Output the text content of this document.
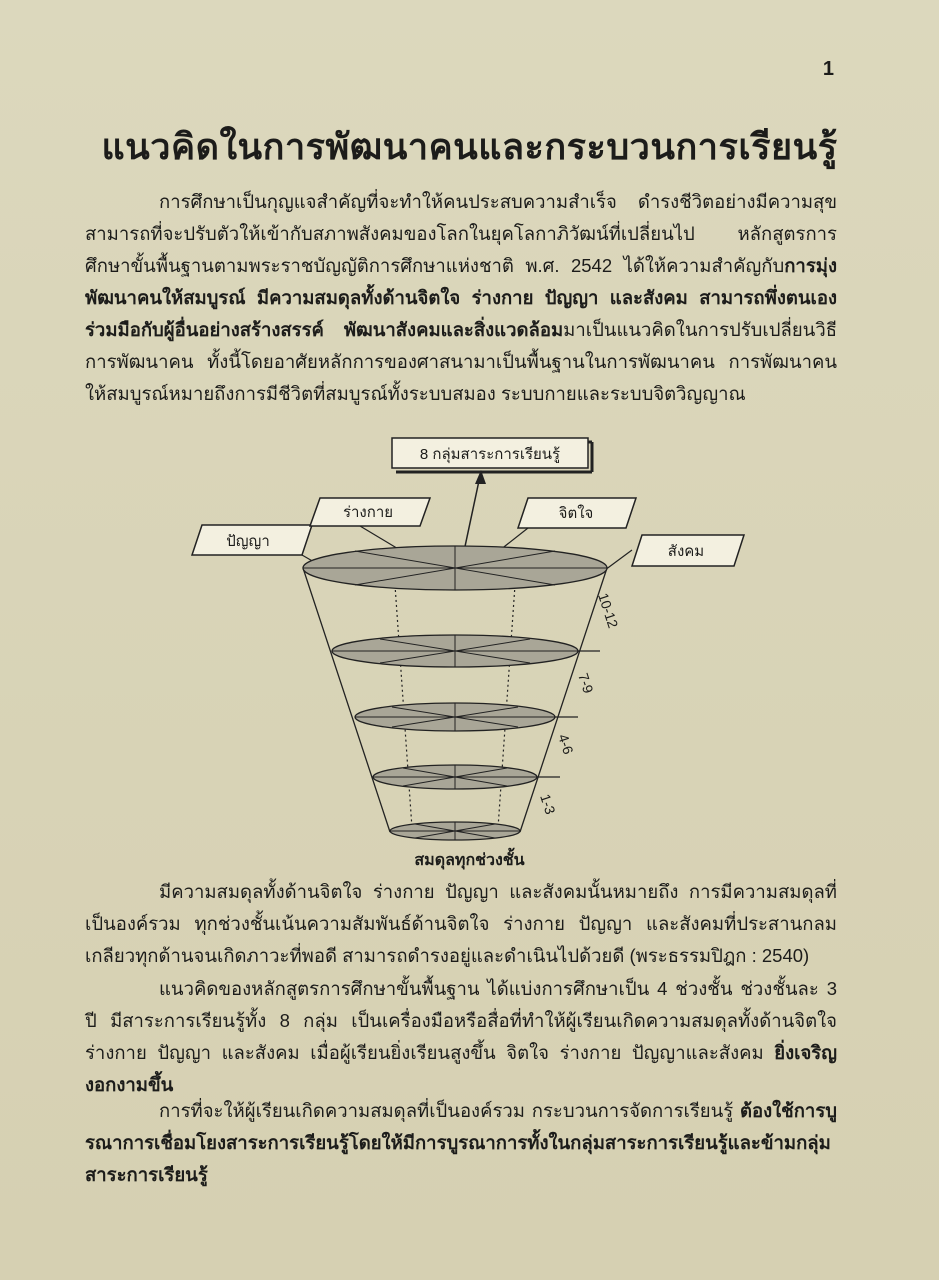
1
แนวคิดในการพัฒนาคนและกระบวนการเรียนรู้
การศึกษาเป็นกุญแจสำคัญที่จะทำให้คนประสบความสำเร็จ ดำรงชีวิตอย่างมีความสุข สามารถที่จะปรับตัวให้เข้ากับสภาพสังคมของโลกในยุคโลกาภิวัฒน์ที่เปลี่ยนไป หลักสูตรการศึกษาขั้นพื้นฐานตามพระราชบัญญัติการศึกษาแห่งชาติ พ.ศ. 2542 ได้ให้ความสำคัญกับการมุ่งพัฒนาคนให้สมบูรณ์ มีความสมดุลทั้งด้านจิตใจ ร่างกาย ปัญญา และสังคม สามารถพึ่งตนเอง ร่วมมือกับผู้อื่นอย่างสร้างสรรค์ พัฒนาสังคมและสิ่งแวดล้อมมาเป็นแนวคิดในการปรับเปลี่ยนวิธีการพัฒนาคน ทั้งนี้โดยอาศัยหลักการของศาสนามาเป็นพื้นฐานในการพัฒนาคน การพัฒนาคนให้สมบูรณ์หมายถึงการมีชีวิตที่สมบูรณ์ทั้งระบบสมอง ระบบกายและระบบจิตวิญญาณ
8 กลุ่มสาระการเรียนรู้
ปัญญา
ร่างกาย	จิตใจ
สังคม
10-12
7-9
4-6
1-3
สมดุลทุกช่วงชั้น
มีความสมดุลทั้งด้านจิตใจ ร่างกาย ปัญญา และสังคมนั้นหมายถึง การมีความสมดุลที่เป็นองค์รวม ทุกช่วงชั้นเน้นความสัมพันธ์ด้านจิตใจ ร่างกาย ปัญญา และสังคมที่ประสานกลมเกลียวทุกด้านจนเกิดภาวะที่พอดี สามารถดำรงอยู่และดำเนินไปด้วยดี (พระธรรมปิฎก : 2540)
แนวคิดของหลักสูตรการศึกษาขั้นพื้นฐาน ได้แบ่งการศึกษาเป็น 4 ช่วงชั้น ช่วงชั้นละ 3 ปี มีสาระการเรียนรู้ทั้ง 8 กลุ่ม เป็นเครื่องมือหรือสื่อที่ทำให้ผู้เรียนเกิดความสมดุลทั้งด้านจิตใจ ร่างกาย ปัญญา และสังคม เมื่อผู้เรียนยิ่งเรียนสูงขึ้น จิตใจ ร่างกาย ปัญญาและสังคม ยิ่งเจริญงอกงามขึ้น
การที่จะให้ผู้เรียนเกิดความสมดุลที่เป็นองค์รวม กระบวนการจัดการเรียนรู้ ต้องใช้การบูรณาการเชื่อมโยงสาระการเรียนรู้โดยให้มีการบูรณาการทั้งในกลุ่มสาระการเรียนรู้และข้ามกลุ่มสาระการเรียนรู้
